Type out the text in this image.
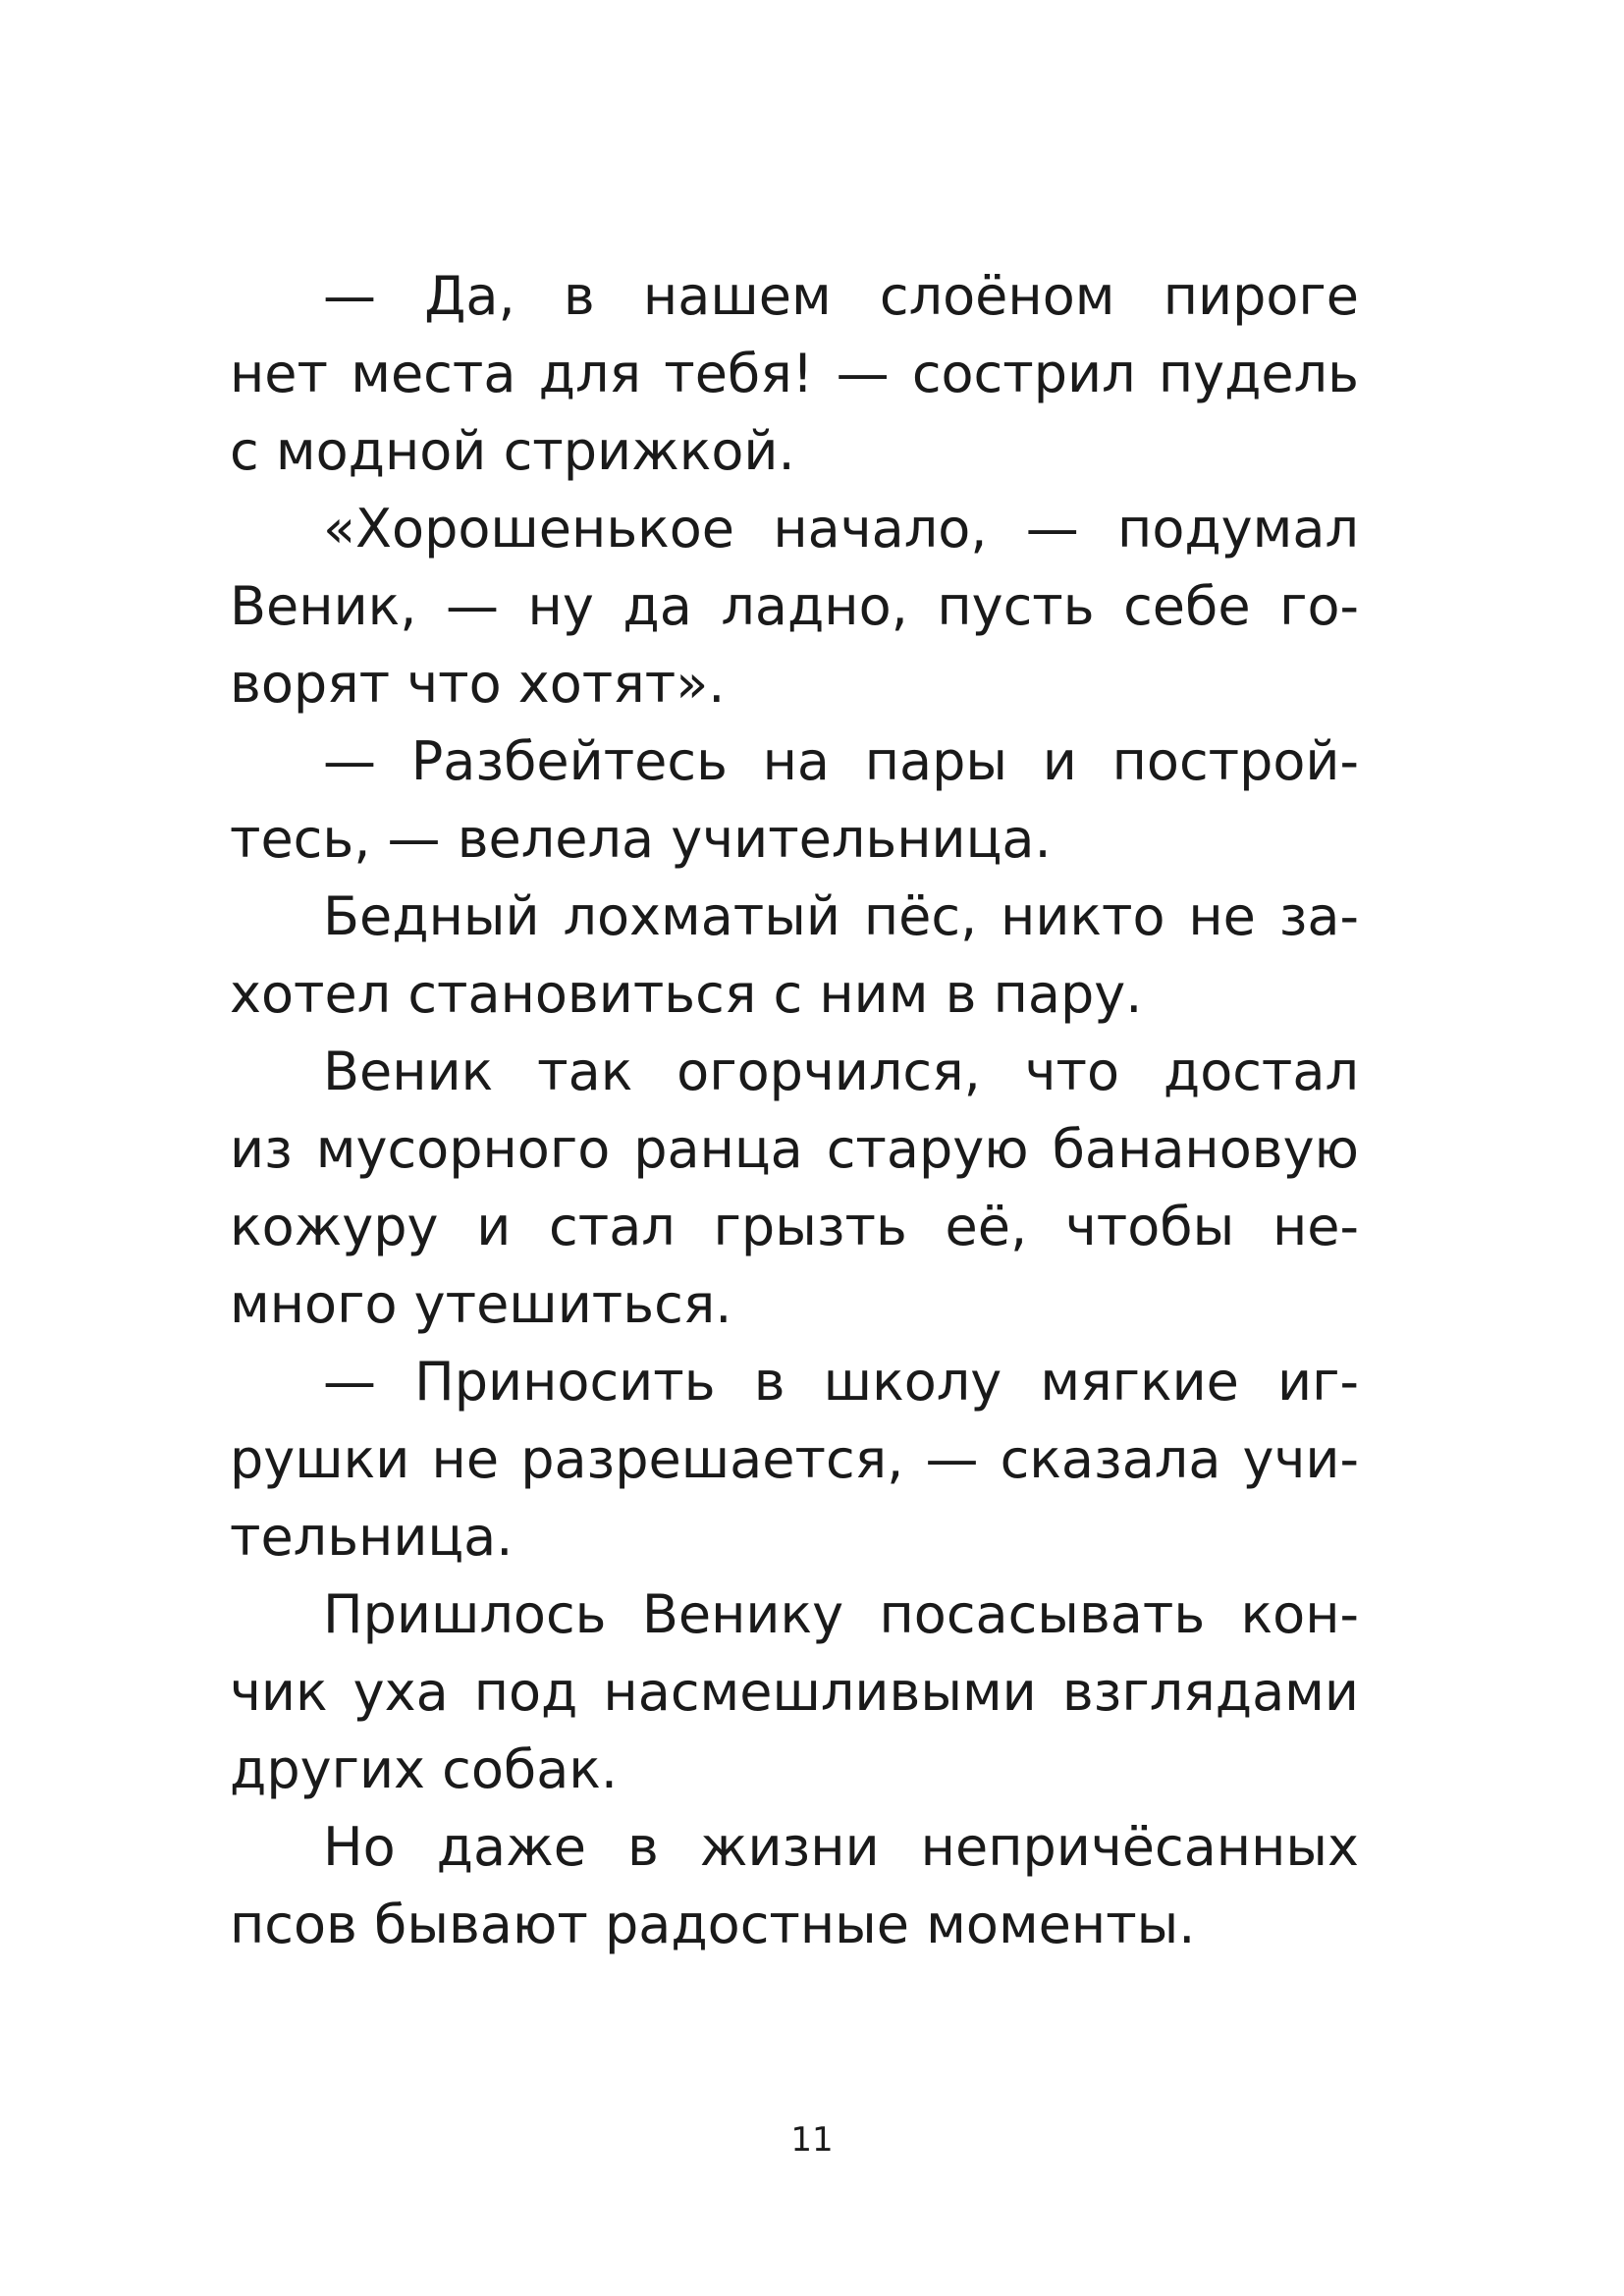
— Да, в нашем слоёном пироге
нет места для тебя! — сострил пудель
с модной стрижкой.
«Хорошенькое начало, — подумал
Веник, — ну да ладно, пусть себе го-
ворят что хотят».
— Разбейтесь на пары и построй-
тесь, — велела учительница.
Бедный лохматый пёс, никто не за-
хотел становиться с ним в пару.
Веник так огорчился, что достал
из мусорного ранца старую банановую
кожуру и стал грызть её, чтобы не-
много утешиться.
— Приносить в школу мягкие иг-
рушки не разрешается, — сказала учи-
тельница.
Пришлось Венику посасывать кон-
чик уха под насмешливыми взглядами
других собак.
Но даже в жизни непричёсанных
псов бывают радостные моменты.
11
